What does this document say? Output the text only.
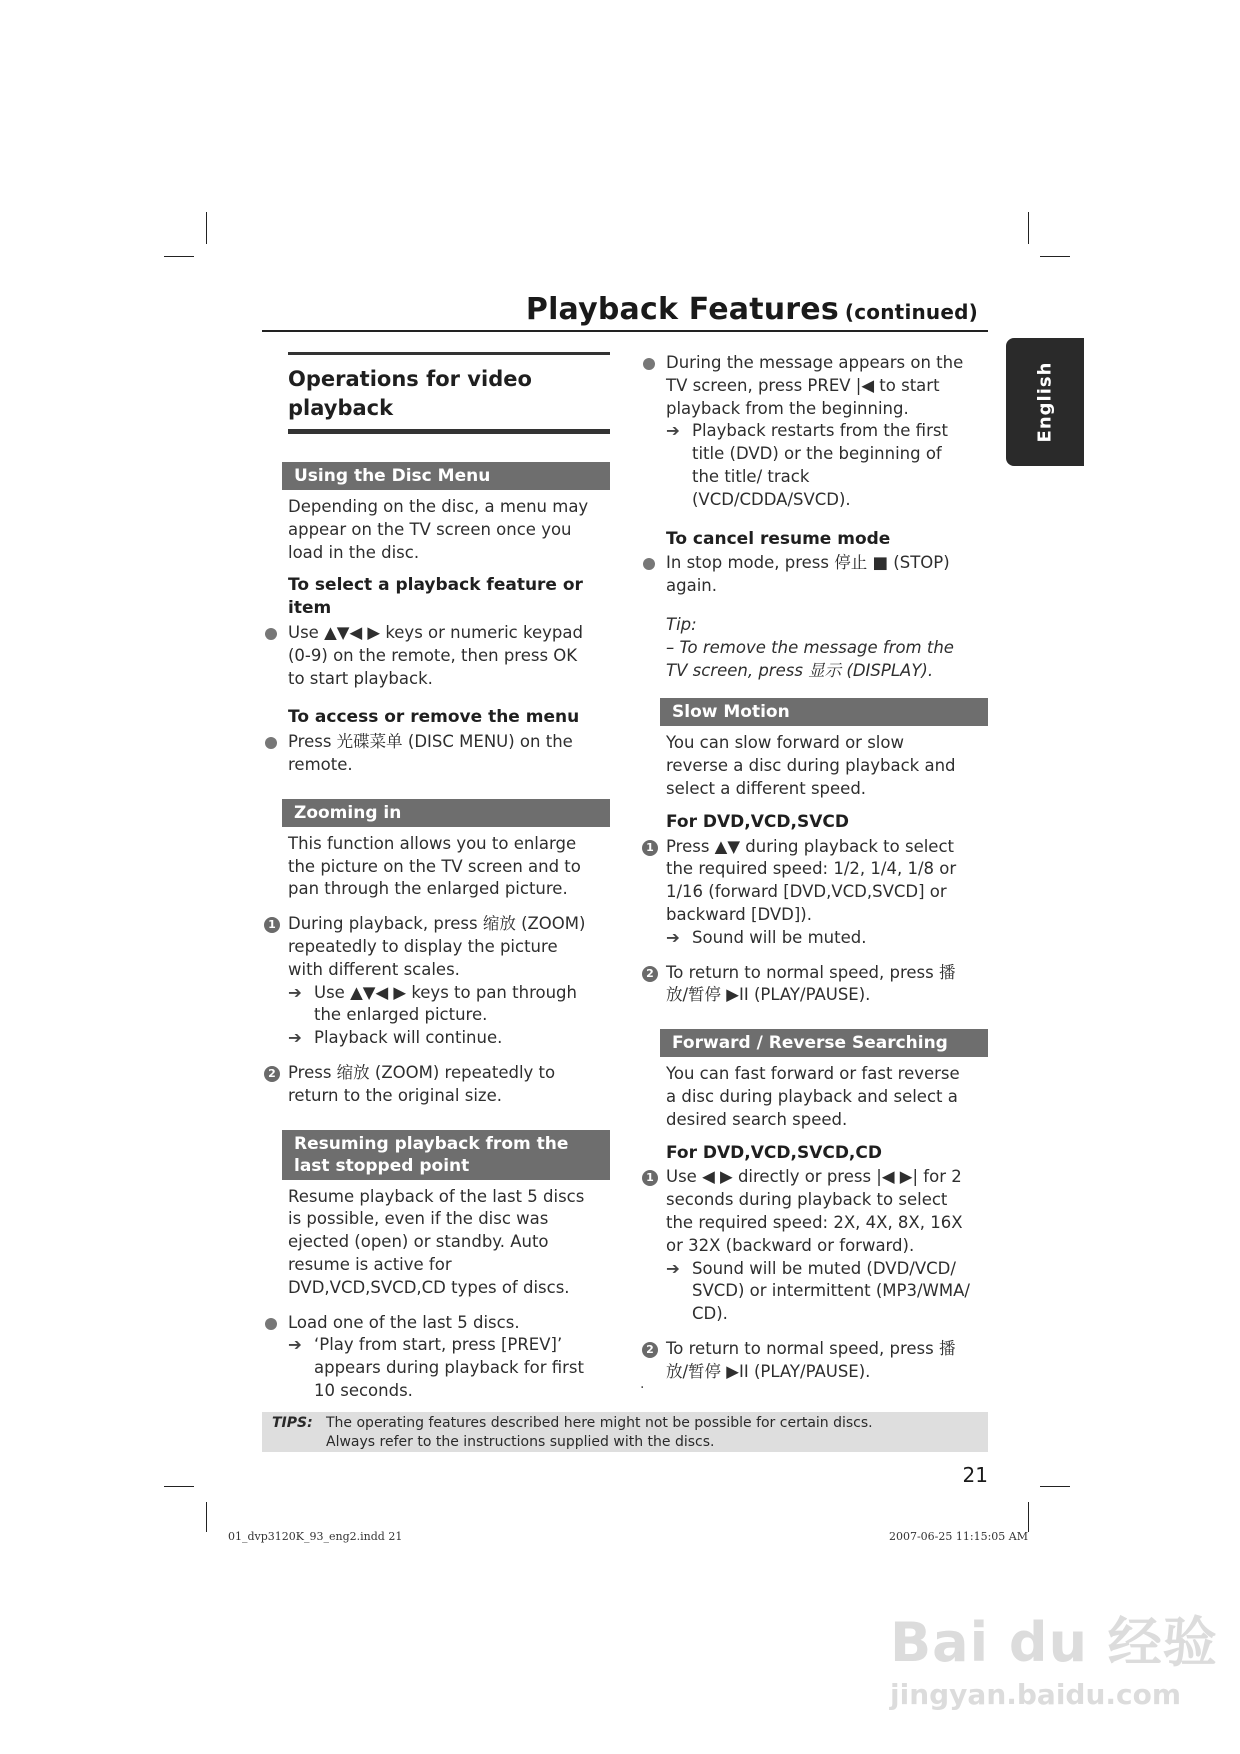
Playback Features (continued)
English
Operations for video playback
Using the Disc Menu
Depending on the disc, a menu may appear on the TV screen once you load in the disc.
To select a playback feature or item
Use ▲▼◀ ▶ keys or numeric keypad (0-9) on the remote, then press OK to start playback.
To access or remove the menu
Press 光碟菜单 (DISC MENU) on the remote.
Zooming in
This function allows you to enlarge the picture on the TV screen and to pan through the enlarged picture.
1 During playback, press 缩放 (ZOOM) repeatedly to display the picture with different scales.
➔ Use ▲▼◀ ▶ keys to pan through the enlarged picture.
➔ Playback will continue.
2 Press 缩放 (ZOOM) repeatedly to return to the original size.
Resuming playback from the last stopped point
Resume playback of the last 5 discs is possible, even if the disc was ejected (open) or standby. Auto resume is active for DVD,VCD,SVCD,CD types of discs.
Load one of the last 5 discs.
➔ ‘Play from start, press [PREV]’ appears during playback for first 10 seconds.
During the message appears on the TV screen, press PREV |◀ to start playback from the beginning.
➔ Playback restarts from the first title (DVD) or the beginning of the title/ track (VCD/CDDA/SVCD).
To cancel resume mode
In stop mode, press 停止 ■ (STOP) again.
Tip:
– To remove the message from the TV screen, press 显示 (DISPLAY).
Slow Motion
You can slow forward or slow reverse a disc during playback and select a different speed.
For DVD,VCD,SVCD
1 Press ▲▼ during playback to select the required speed: 1/2, 1/4, 1/8 or 1/16 (forward [DVD,VCD,SVCD] or backward [DVD]).
➔ Sound will be muted.
2 To return to normal speed, press 播放/暂停 ▶II (PLAY/PAUSE).
Forward / Reverse Searching
You can fast forward or fast reverse a disc during playback and select a desired search speed.
For DVD,VCD,SVCD,CD
1 Use ◀ ▶ directly or press |◀ ▶| for 2 seconds during playback to select the required speed: 2X, 4X, 8X, 16X or 32X (backward or forward).
➔ Sound will be muted (DVD/VCD/ SVCD) or intermittent (MP3/WMA/ CD).
2 To return to normal speed, press 播放/暂停 ▶II (PLAY/PAUSE).
.
TIPS: The operating features described here might not be possible for certain discs.
Always refer to the instructions supplied with the discs.
21
01_dvp3120K_93_eng2.indd 21	2007-06-25 11:15:05 AM
Bai du 经验
jingyan.baidu.com
